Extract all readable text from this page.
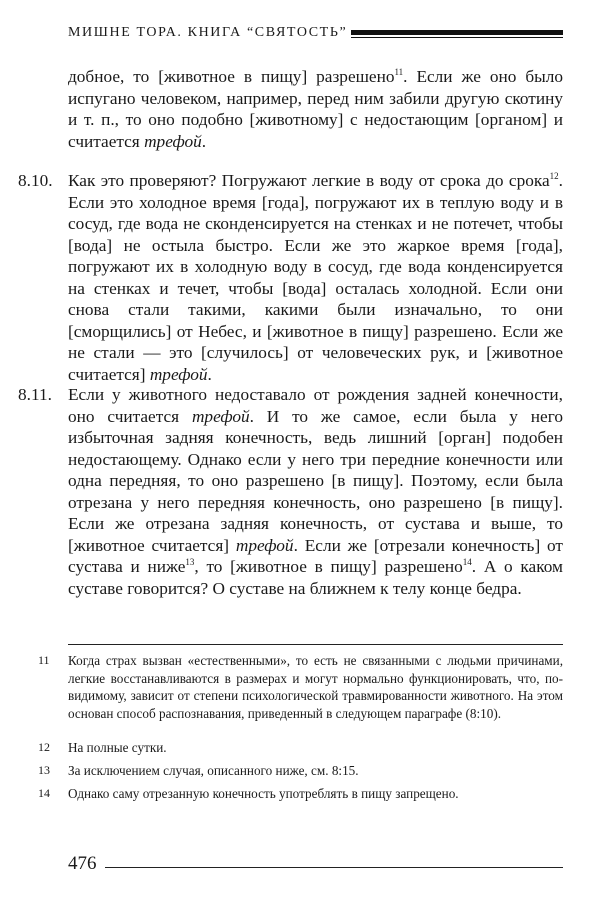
МИШНЕ ТОРА. КНИГА “СВЯТОСТЬ”
добное, то [животное в пищу] разрешено$^{11}$. Если же оно было испугано человеком, например, перед ним забили другую скотину и т. п., то оно подобно [животному] с недостающим [органом] и считается трефой.
8.10. Как это проверяют? Погружают легкие в воду от срока до срока$^{12}$. Если это холодное время [года], погружают их в теплую воду и в сосуд, где вода не сконденсируется на стенках и не потечет, чтобы [вода] не остыла быстро. Если же это жаркое время [года], погружают их в холодную воду в сосуд, где вода конденсируется на стенках и течет, чтобы [вода] осталась холодной. Если они снова стали такими, какими были изначально, то они [сморщились] от Небес, и [животное в пищу] разрешено. Если же не стали — это [случилось] от человеческих рук, и [животное считается] трефой.
8.11. Если у животного недоставало от рождения задней конечности, оно считается трефой. И то же самое, если была у него избыточная задняя конечность, ведь лишний [орган] подобен недостающему. Однако если у него три передние конечности или одна передняя, то оно разрешено [в пищу]. Поэтому, если была отрезана у него передняя конечность, оно разрешено [в пищу]. Если же отрезана задняя конечность, от сустава и выше, то [животное считается] трефой. Если же [отрезали конечность] от сустава и ниже$^{13}$, то [животное в пищу] разрешено$^{14}$. А о каком суставе говорится? О суставе на ближнем к телу конце бедра.
11 Когда страх вызван «естественными», то есть не связанными с людьми причинами, легкие восстанавливаются в размерах и могут нормально функционировать, что, по-видимому, зависит от степени психологической травмированности животного. На этом основан способ распознавания, приведенный в следующем параграфе (8:10).
12 На полные сутки.
13 За исключением случая, описанного ниже, см. 8:15.
14 Однако саму отрезанную конечность употреблять в пищу запрещено.
476
